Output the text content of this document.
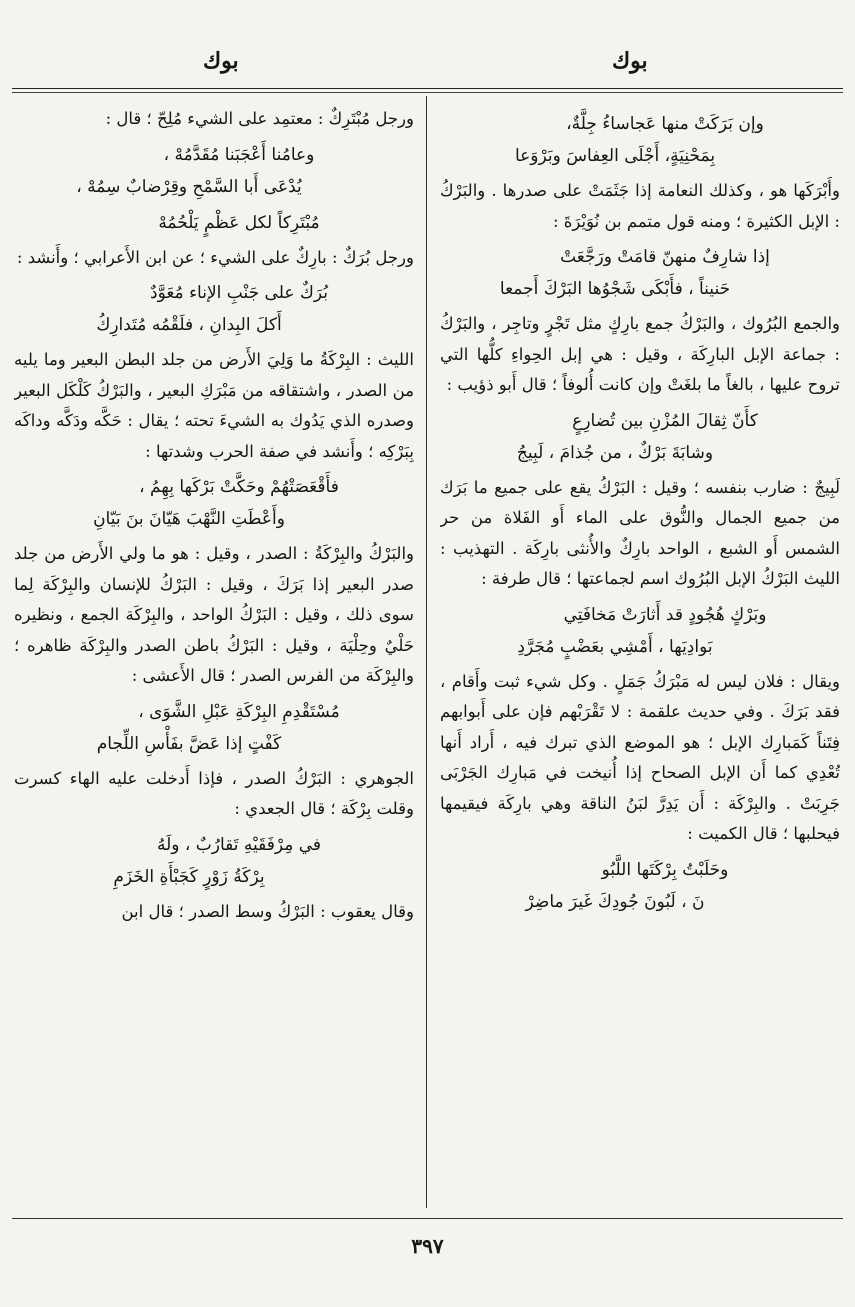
بوك
بوك
وإن بَرَكَتْ منها عَجاساءُ جِلَّةٌ،
بِمَحْنِيَةٍ، أَجْلَى العِفاسَ وبَرْوَعا

وأَبْرَكَها هو ، وكذلك النعامة إذا جَثَمَتْ على صدرها . والبَرْكُ : الإبل الكثيرة ؛ ومنه قول متمم بن نُوَيْرَةَ :

إذا شارِفٌ منهنّ قامَتْ ورَجَّعَتْ
حَنيناً ، فأَبْكَى شَجْوُها البَرْكَ أَجمعا

والجمع البُرُوك ، والبَرْكُ جمع بارِكٍ مثل تَجْرٍ وتاجِر ، والبَرْكُ : جماعة الإبل البارِكَة ، وقيل : هي إبل الحِواءِ كلُّها التي تروح عليها ، بالغاً ما بلغَتْ وإن كانت أُلوفاً ؛ قال أَبو ذؤيب :

كأَنّ ثِقالَ المُزْنِ بين تُضارِعٍ
وشابَةَ بَرْكٌ ، من جُذامَ ، لَبِيجُ

لَبِيجٌ : ضارب بنفسه ؛ وقيل : البَرْكُ يقع على جميع ما بَرَك من جميع الجمال والنُّوق على الماء أَو الفَلاة من حر الشمس أَو الشبع ، الواحد بارِكٌ والأُنثى بارِكَة . التهذيب : الليث البَرْكُ الإبل البُرُوك اسم لجماعتها ؛ قال طرفة :

وبَرْكٍ هُجُودٍ قد أَثارَتْ مَخافَتِي
بَوادِيَها ، أَمْشِي بعَضْبٍ مُجَرَّدِ

ويقال : فلان ليس له مَبْرَكُ جَمَلٍ . وكل شيء ثبت وأَقام ، فقد بَرَكَ . وفي حديث علقمة : لا تَقْرَبْهم فإن على أَبوابهم فِتَناً كَمَبارِك الإبل ؛ هو الموضع الذي تبرك فيه ، أَراد أَنها تُعْدِي كما أَن الإبل الصحاح إذا أُنيخت في مَبارِك الجَرْبَى جَرِبَتْ . والبِرْكَة : أَن يَدِرَّ لبَنُ الناقة وهي بارِكَة فيقيمها فيحلبها ؛ قال الكميت :

وحَلَبْتُ بِرْكَتَها اللَّبُو
نَ ، لَبُونَ جُودِكَ غَيرَ ماضِرْ

ورجل مُبْتَرِكٌ : معتمِد على الشيء مُلِحّ ؛ قال :

وعامُنا أَعْجَبَنا مُقَدَّمُهْ ،
يُدْعَى أَبا السَّمْحِ وقِرْضابٌ سِمُهْ ،
مُبْتَرِكاً لكل عَظْمٍ يَلْحُمُهْ

ورجل بُرَكٌ : بارِكٌ على الشيء ؛ عن ابن الأَعرابي ؛ وأَنشد :

بُرَكٌ على جَنْبِ الإناء مُعَوَّدٌ
أَكلَ البِدانِ ، فلَقْمُه مُتَدارِكُ

الليث : البِرْكَةُ ما وَلِيَ الأَرض من جلد البطن البعير وما يليه من الصدر ، واشتقاقه من مَبْرَكِ البعير ، والبَرْكُ كَلْكَل البعير وصدره الذي يَدُوك به الشيءَ تحته ؛ يقال : حَكَّه ودَكَّه وداكَه بِبَرْكِه ؛ وأَنشد في صفة الحرب وشدتها :

فأَقْعَصَتْهُمْ وحَكَّتْ بَرْكَها بِهِمُ ،
وأَعْطَتِ النَّهْبَ هَيّانَ بنَ بَيّانِ

والبَرْكُ والبِرْكَةُ : الصدر ، وقيل : هو ما ولي الأَرض من جلد صدر البعير إذا بَرَكَ ، وقيل : البَرْكُ للإنسان والبِرْكَة لِما سوى ذلك ، وقيل : البَرْكُ الواحد ، والبِرْكَة الجمع ، ونظيره حَلْيٌ وحِلْيَة ، وقيل : البَرْكُ باطن الصدر والبِرْكَة ظاهره ؛ والبِرْكَة من الفرس الصدر ؛ قال الأَعشى :

مُسْتَقْدِمِ البِرْكَةِ عَبْلِ الشَّوَى ،
كَفْتٍ إذا عَضَّ بفَأْسِ اللِّجام

الجوهري : البَرْكُ الصدر ، فإذا أَدخلت عليه الهاء كسرت وقلت بِرْكَة ؛ قال الجعدي :

في مِرْفَقَيْهِ تَقارُبٌ ، ولَهُ
بِرْكَةُ زَوْرٍ كَجَبْأَةِ الخَزَمِ

وقال يعقوب : البَرْكُ وسط الصدر ؛ قال ابن

٣٩٧
